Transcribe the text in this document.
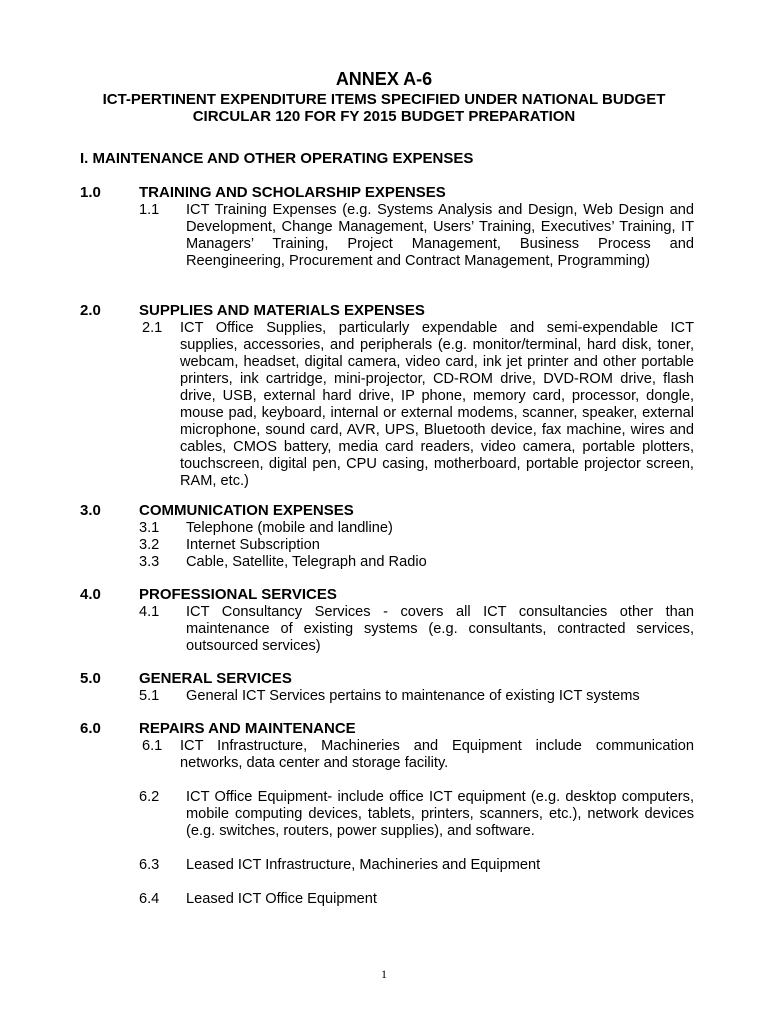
ANNEX A-6
ICT-PERTINENT EXPENDITURE ITEMS SPECIFIED UNDER NATIONAL BUDGET
CIRCULAR 120 FOR FY 2015 BUDGET PREPARATION
I. MAINTENANCE AND OTHER OPERATING EXPENSES
1.0	TRAINING AND SCHOLARSHIP EXPENSES
1.1 ICT Training Expenses (e.g. Systems Analysis and Design, Web Design and Development, Change Management, Users’ Training, Executives’ Training, IT Managers’ Training, Project Management, Business Process and Reengineering, Procurement and Contract Management, Programming)
2.0	SUPPLIES AND MATERIALS EXPENSES
2.1 ICT Office Supplies, particularly expendable and semi-expendable ICT supplies, accessories, and peripherals (e.g. monitor/terminal, hard disk, toner, webcam, headset, digital camera, video card, ink jet printer and other portable printers, ink cartridge, mini-projector, CD-ROM drive, DVD-ROM drive, flash drive, USB, external hard drive, IP phone, memory card, processor, dongle, mouse pad, keyboard, internal or external modems, scanner, speaker, external microphone, sound card, AVR, UPS, Bluetooth device, fax machine, wires and cables, CMOS battery, media card readers, video camera, portable plotters, touchscreen, digital pen, CPU casing, motherboard, portable projector screen, RAM, etc.)
3.0	COMMUNICATION EXPENSES
3.1 Telephone (mobile and landline)
3.2 Internet Subscription
3.3 Cable, Satellite, Telegraph and Radio
4.0	PROFESSIONAL SERVICES
4.1 ICT Consultancy Services - covers all ICT consultancies other than maintenance of existing systems (e.g. consultants, contracted services, outsourced services)
5.0	GENERAL SERVICES
5.1 General ICT Services pertains to maintenance of existing ICT systems
6.0	REPAIRS AND MAINTENANCE
6.1 ICT Infrastructure, Machineries and Equipment include communication networks, data center and storage facility.
6.2 ICT Office Equipment- include office ICT equipment (e.g. desktop computers, mobile computing devices, tablets, printers, scanners, etc.), network devices (e.g. switches, routers, power supplies), and software.
6.3 Leased ICT Infrastructure, Machineries and Equipment
6.4 Leased ICT Office Equipment
1
